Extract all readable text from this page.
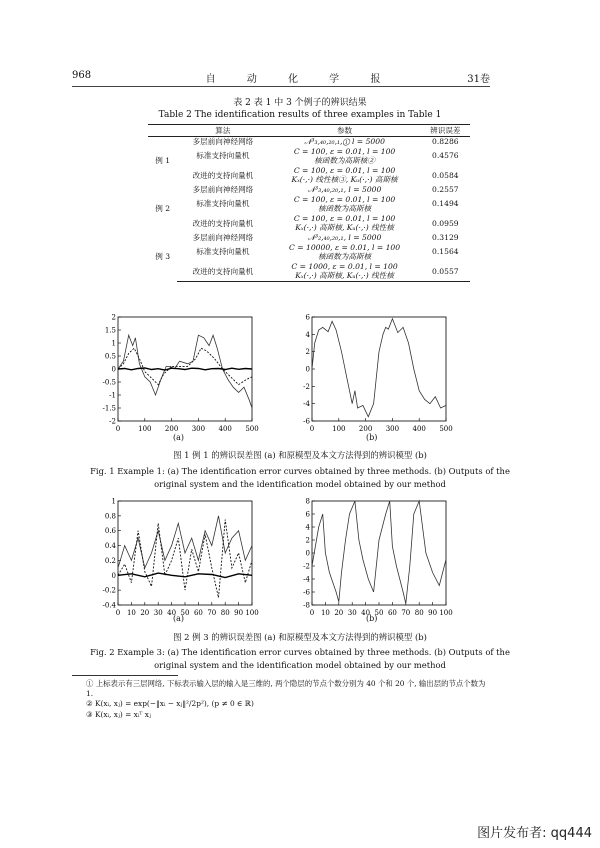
968	自 动 化 学 报	31卷
表 2 表 1 中 3 个例子的辨识结果
Table 2 The identification results of three examples in Table 1
	算法	参数	辨识误差
例 1	多层前向神经网络	𝒩³₃,₄₀,₂₀,₁,① l = 5000	0.8286
	标准支持向量机	C = 100, ε = 0.01, l = 100
核函数为高斯核②	0.4576
	改进的支持向量机	C = 100, ε = 0.01, l = 100
Kₓ(·,·) 线性核③, Kᵤ(·,·) 高斯核	0.0584
例 2	多层前向神经网络	𝒩³₃,₄₀,₂₀,₁, l = 5000	0.2557
	标准支持向量机	C = 100, ε = 0.01, l = 100
核函数为高斯核	0.1494
	改进的支持向量机	C = 100, ε = 0.01, l = 100
Kₓ(·,·) 高斯核, Kᵤ(·,·) 线性核	0.0959
例 3	多层前向神经网络	𝒩³₂,₄₀,₂₀,₁, l = 5000	0.3129
	标准支持向量机	C = 10000, ε = 0.01, l = 100
核函数为高斯核	0.1564
	改进的支持向量机	C = 1000, ε = 0.01, l = 100
Kₓ(·,·) 高斯核, Kᵤ(·,·) 线性核	0.0557
0	100 200 300 400 500
-2
-1.5
-1
-0.5
0
0.5
1
1.5
2
(a)
0	100 200 300 400 500
-6
-4
-2
0
2
4
6
(b)
图 1 例 1 的辨识误差图 (a) 和原模型及本文方法得到的辨识模型 (b)
Fig. 1 Example 1: (a) The identification error curves obtained by three methods. (b) Outputs of the
original system and the identification model obtained by our method
0 10 20 30 40 50 60 70 80 90 100
-0.4
-0.2
0
0.2
0.4
0.6
0.8
1
(a)
0 10 20 30 40 50 60 70 80 90 100
-8
-6
-4
-2
0
2
4
6
8
(b)
图 2 例 3 的辨识误差图 (a) 和原模型及本文方法得到的辨识模型 (b)
Fig. 2 Example 3: (a) The identification error curves obtained by three methods. (b) Outputs of the
original system and the identification model obtained by our method
① 上标表示有三层网络, 下标表示输入层的输入是三维的, 两个隐层的节点个数分别为 40 个和 20 个, 输出层的节点个数为 1.
② K(xᵢ, xⱼ) = exp(−‖xᵢ − xⱼ‖²/2p²), (p ≠ 0 ∈ ℝ)
③ K(xᵢ, xⱼ) = xᵢᵀ xⱼ
图片发布者: qq444
